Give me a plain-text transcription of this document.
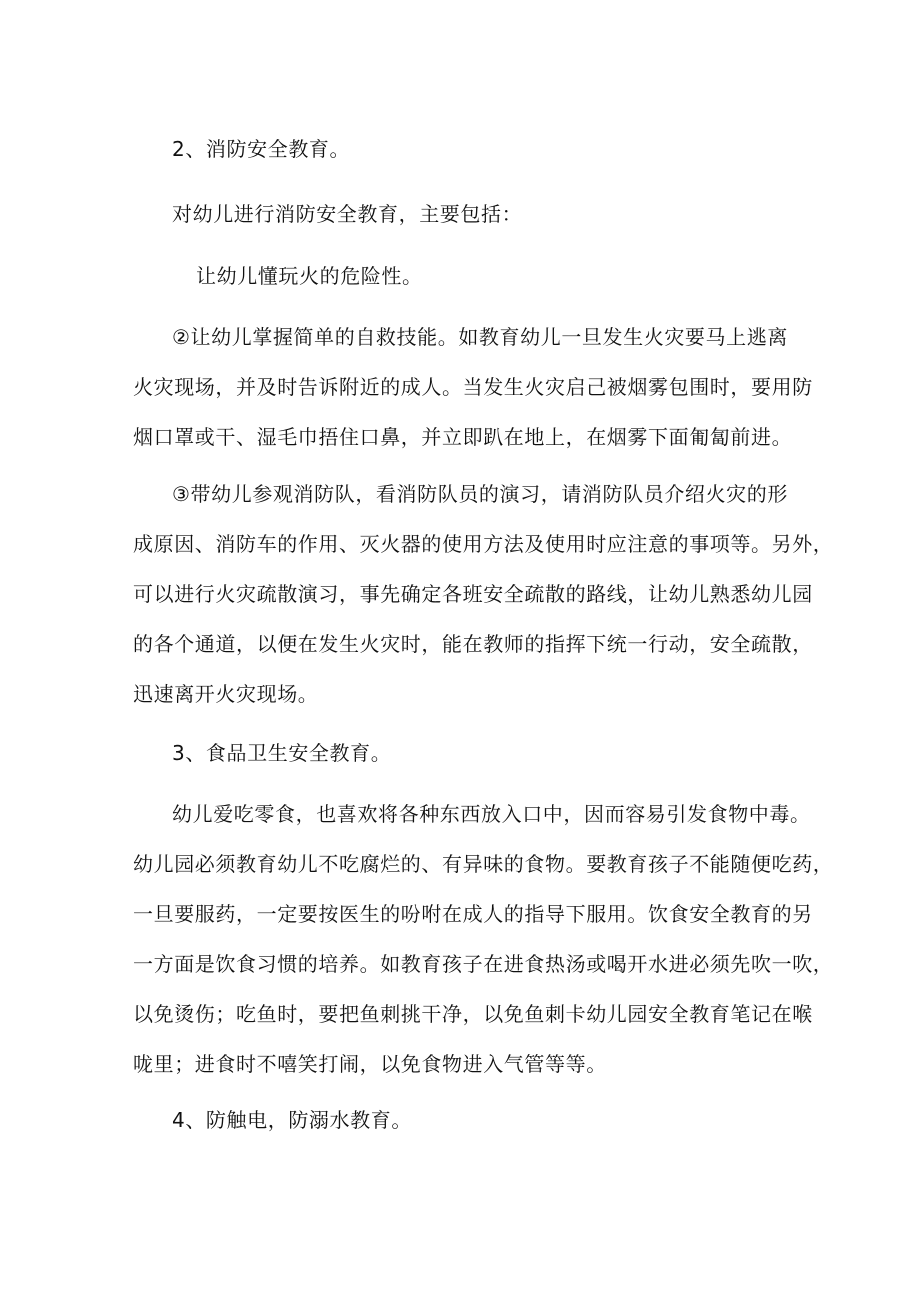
2、消防安全教育。
对幼儿进行消防安全教育，主要包括：
让幼儿懂玩火的危险性。
②让幼儿掌握简单的自救技能。如教育幼儿一旦发生火灾要马上逃离
火灾现场，并及时告诉附近的成人。当发生火灾启己被烟雾包围时，要用防
烟口罩或干、湿毛巾捂住口鼻，并立即趴在地上，在烟雾下面匍匐前进。
③带幼儿参观消防队，看消防队员的演习，请消防队员介绍火灾的形
成原因、消防车的作用、灭火器的使用方法及使用时应注意的事项等。另外，
可以进行火灾疏散演习，事先确定各班安全疏散的路线，让幼儿熟悉幼儿园
的各个通道，以便在发生火灾时，能在教师的指挥下统一行动，安全疏散，
迅速离开火灾现场。
3、食品卫生安全教育。
幼儿爱吃零食，也喜欢将各种东西放入口中，因而容易引发食物中毒。
幼儿园必须教育幼儿不吃腐烂的、有异味的食物。要教育孩子不能随便吃药，
一旦要服药，一定要按医生的吩咐在成人的指导下服用。饮食安全教育的另
一方面是饮食习惯的培养。如教育孩子在进食热汤或喝开水进必须先吹一吹，
以免烫伤；吃鱼时，要把鱼刺挑干净，以免鱼刺卡幼儿园安全教育笔记在喉
咙里；进食时不嘻笑打闹，以免食物进入气管等等。
4、防触电，防溺水教育。
